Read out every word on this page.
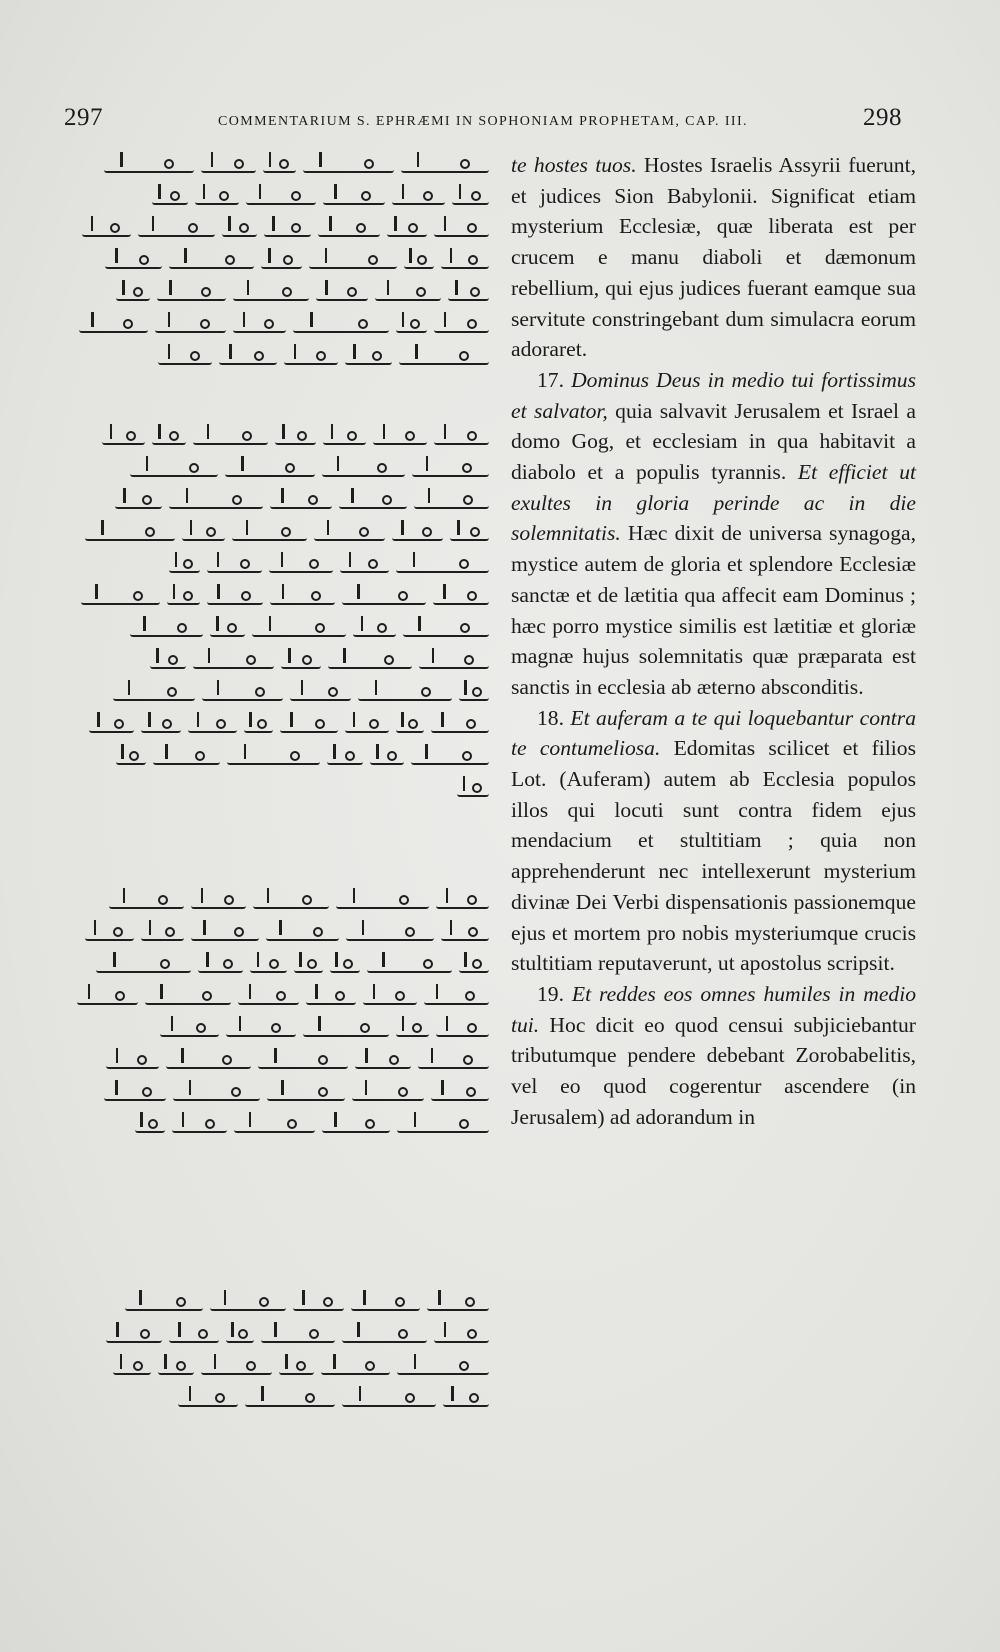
297	COMMENTARIUM S. EPHRÆMI IN SOPHONIAM PROPHETAM, CAP. III.	298

te hostes tuos. Hostes Israelis Assyrii fuerunt, et judices Sion Babylonii. Significat etiam mysterium Ecclesiæ, quæ liberata est per crucem e manu diaboli et dæmonum rebellium, qui ejus judices fuerant eamque sua servitute constringebant dum simulacra eorum adoraret.

17. Dominus Deus in medio tui fortissimus et salvator, quia salvavit Jerusalem et Israel a domo Gog, et ecclesiam in qua habitavit a diabolo et a populis tyrannis. Et efficiet ut exultes in gloria perinde ac in die solemnitatis. Hæc dixit de universa synagoga, mystice autem de gloria et splendore Ecclesiæ sanctæ et de lætitia qua affecit eam Dominus ; hæc porro mystice similis est lætitiæ et gloriæ magnæ hujus solemnitatis quæ præparata est sanctis in ecclesia ab æterno absconditis.

18. Et auferam a te qui loquebantur contra te contumeliosa. Edomitas scilicet et filios Lot. (Auferam) autem ab Ecclesia populos illos qui locuti sunt contra fidem ejus mendacium et stultitiam ; quia non apprehenderunt nec intellexerunt mysterium divinæ Dei Verbi dispensationis passionemque ejus et mortem pro nobis mysteriumque crucis stultitiam reputaverunt, ut apostolus scripsit.

19. Et reddes eos omnes humiles in medio tui. Hoc dicit eo quod censui subjiciebantur tributumque pendere debebant Zorobabelitis, vel eo quod cogerentur ascendere (in Jerusalem) ad adorandum in
